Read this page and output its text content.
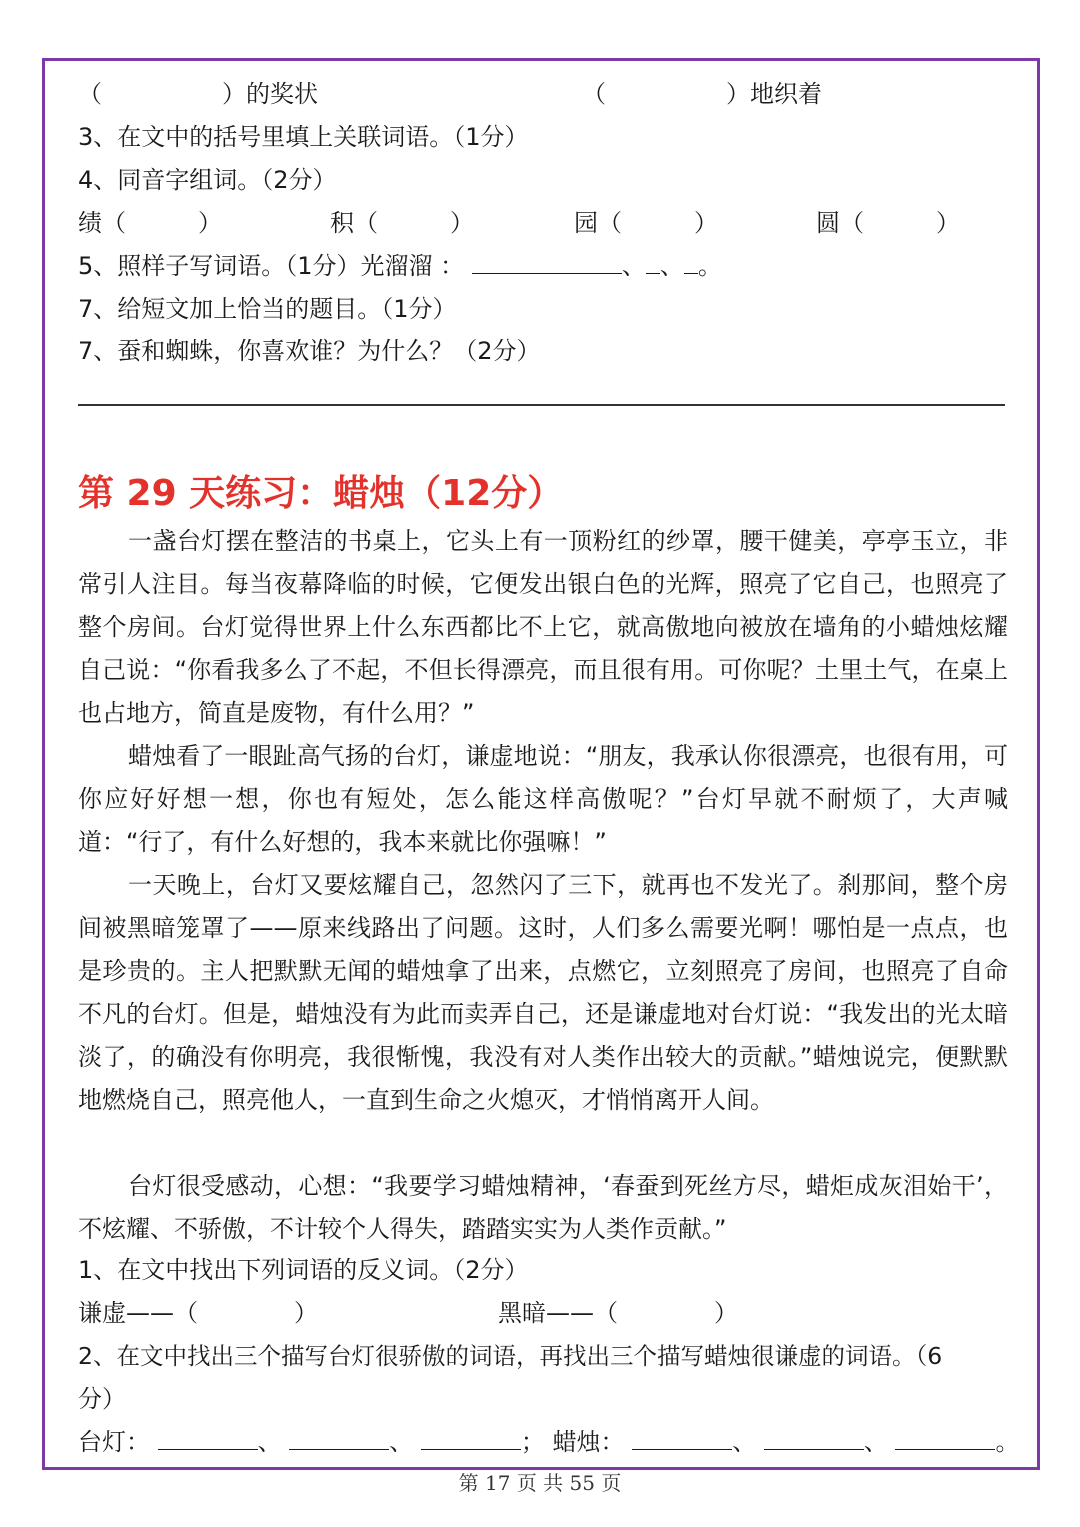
（　　　　　）的奖状	（　　　　　）地织着
3、在文中的括号里填上关联词语。（1分）
4、同音字组词。（2分）
绩（　　　）	积（　　　）	园（　　　）	圆（　　　）
5、照样子写词语。（1分）光溜溜 ：	、 、 。
7、给短文加上恰当的题目。（1分）
7、蚕和蜘蛛，你喜欢谁？为什么？（2分）
第 29 天练习：蜡烛（12分）

一盏台灯摆在整洁的书桌上，它头上有一顶粉红的纱罩，腰干健美，亭亭玉立，非常引人注目。每当夜幕降临的时候，它便发出银白色的光辉，照亮了它自己，也照亮了整个房间。台灯觉得世界上什么东西都比不上它，就高傲地向被放在墙角的小蜡烛炫耀自己说：“你看我多么了不起，不但长得漂亮，而且很有用。可你呢？土里土气，在桌上也占地方，简直是废物，有什么用？”

蜡烛看了一眼趾高气扬的台灯，谦虚地说：“朋友，我承认你很漂亮，也很有用，可你应好好想一想，你也有短处，怎么能这样高傲呢？”台灯早就不耐烦了，大声喊道：“行了，有什么好想的，我本来就比你强嘛！”

一天晚上，台灯又要炫耀自己，忽然闪了三下，就再也不发光了。刹那间，整个房间被黑暗笼罩了——原来线路出了问题。这时，人们多么需要光啊！哪怕是一点点，也是珍贵的。主人把默默无闻的蜡烛拿了出来，点燃它，立刻照亮了房间，也照亮了自命不凡的台灯。但是，蜡烛没有为此而卖弄自己，还是谦虚地对台灯说：“我发出的光太暗淡了，的确没有你明亮，我很惭愧，我没有对人类作出较大的贡献。”蜡烛说完，便默默地燃烧自己，照亮他人，一直到生命之火熄灭，才悄悄离开人间。

台灯很受感动，心想：“我要学习蜡烛精神，‘春蚕到死丝方尽，蜡炬成灰泪始干’，不炫耀、不骄傲，不计较个人得失，踏踏实实为人类作贡献。”

1、在文中找出下列词语的反义词。（2分）
谦虚——（　　　　）	黑暗——（　　　　）
2、在文中找出三个描写台灯很骄傲的词语，再找出三个描写蜡烛很谦虚的词语。（6
分）
台灯：	、	、	； 蜡烛：	、	、	。
第 17 页 共 55 页
